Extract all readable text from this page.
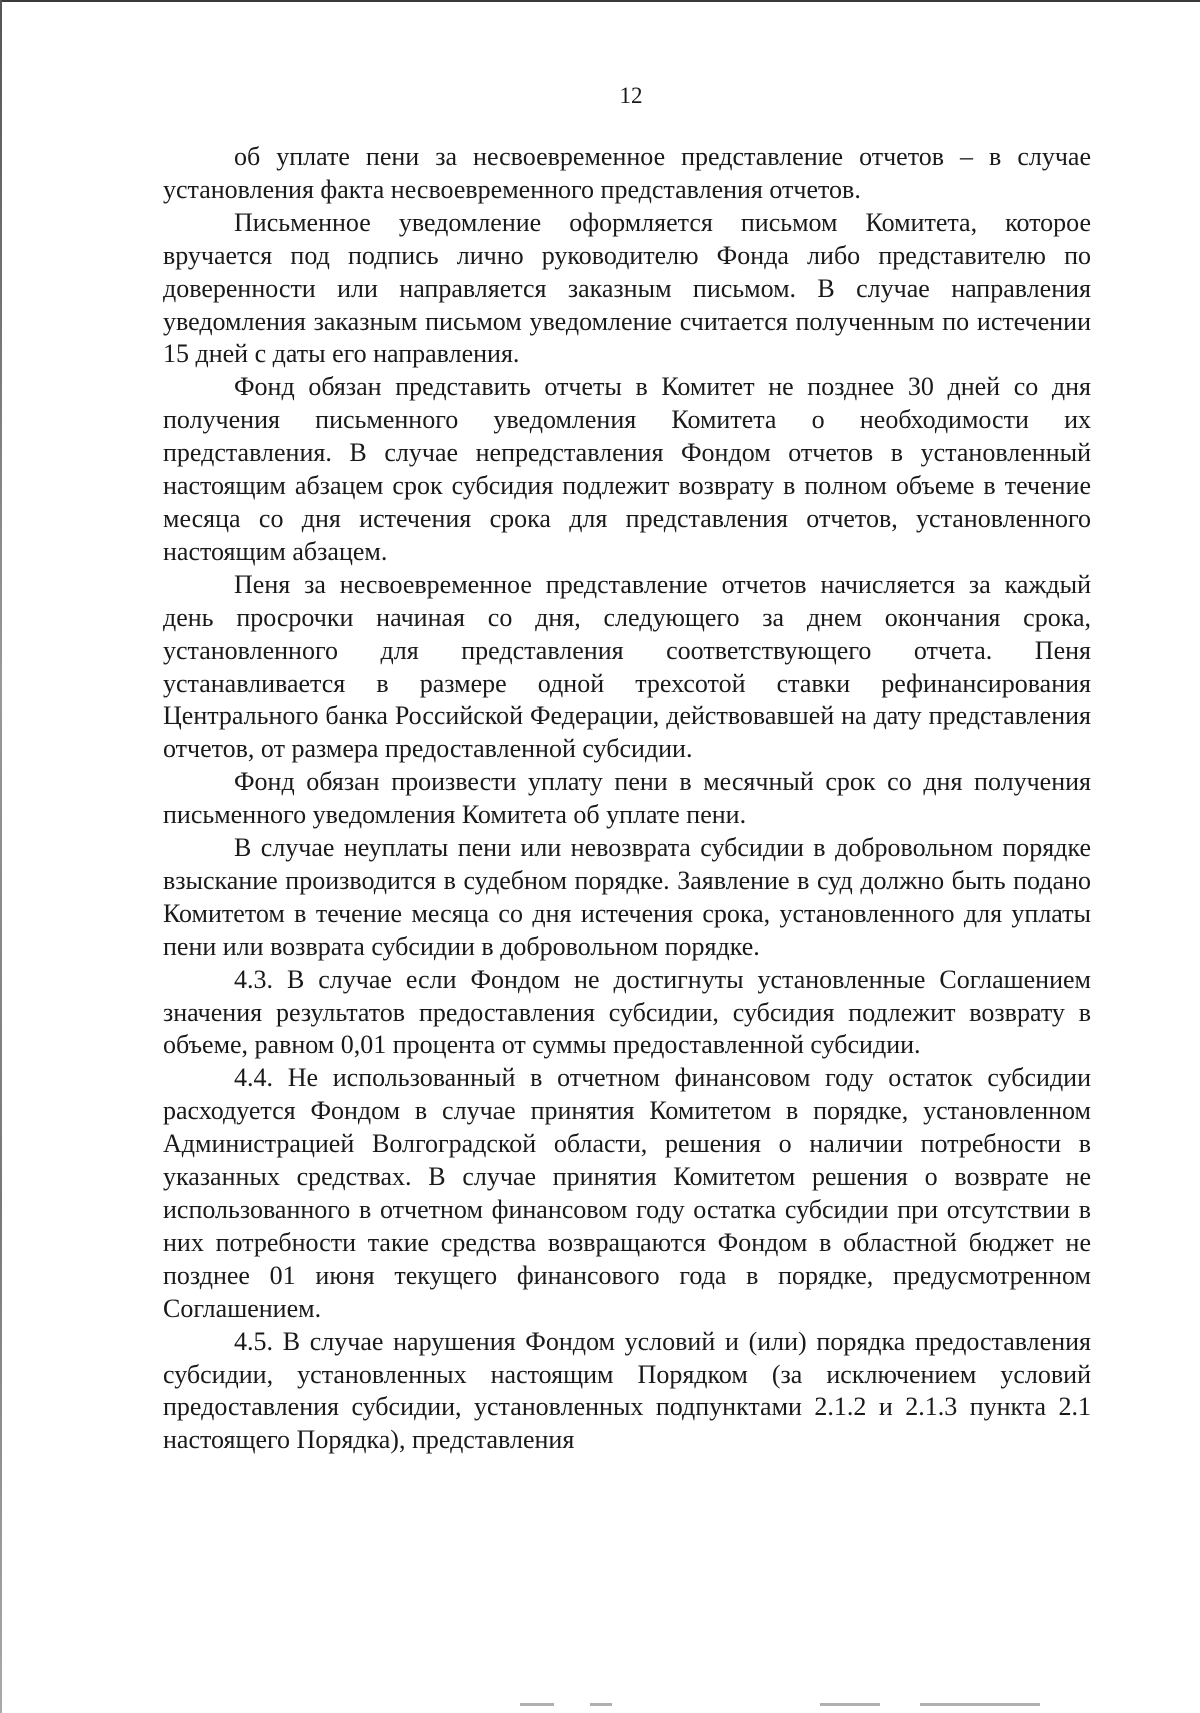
12

об уплате пени за несвоевременное представление отчетов – в случае установления факта несвоевременного представления отчетов.

Письменное уведомление оформляется письмом Комитета, которое вручается под подпись лично руководителю Фонда либо представителю по доверенности или направляется заказным письмом. В случае направления уведомления заказным письмом уведомление считается полученным по истечении 15 дней с даты его направления.

Фонд обязан представить отчеты в Комитет не позднее 30 дней со дня получения письменного уведомления Комитета о необходимости их представления. В случае непредставления Фондом отчетов в установленный настоящим абзацем срок субсидия подлежит возврату в полном объеме в течение месяца со дня истечения срока для представления отчетов, установленного настоящим абзацем.

Пеня за несвоевременное представление отчетов начисляется за каждый день просрочки начиная со дня, следующего за днем окончания срока, установленного для представления соответствующего отчета. Пеня устанавливается в размере одной трехсотой ставки рефинансирования Центрального банка Российской Федерации, действовавшей на дату представления отчетов, от размера предоставленной субсидии.

Фонд обязан произвести уплату пени в месячный срок со дня получения письменного уведомления Комитета об уплате пени.

В случае неуплаты пени или невозврата субсидии в добровольном порядке взыскание производится в судебном порядке. Заявление в суд должно быть подано Комитетом в течение месяца со дня истечения срока, установленного для уплаты пени или возврата субсидии в добровольном порядке.

4.3. В случае если Фондом не достигнуты установленные Соглашением значения результатов предоставления субсидии, субсидия подлежит возврату в объеме, равном 0,01 процента от суммы предоставленной субсидии.

4.4. Не использованный в отчетном финансовом году остаток субсидии расходуется Фондом в случае принятия Комитетом в порядке, установленном Администрацией Волгоградской области, решения о наличии потребности в указанных средствах. В случае принятия Комитетом решения о возврате не использованного в отчетном финансовом году остатка субсидии при отсутствии в них потребности такие средства возвращаются Фондом в областной бюджет не позднее 01 июня текущего финансового года в порядке, предусмотренном Соглашением.

4.5. В случае нарушения Фондом условий и (или) порядка предоставления субсидии, установленных настоящим Порядком (за исключением условий предоставления субсидии, установленных подпунктами 2.1.2 и 2.1.3 пункта 2.1 настоящего Порядка), представления
